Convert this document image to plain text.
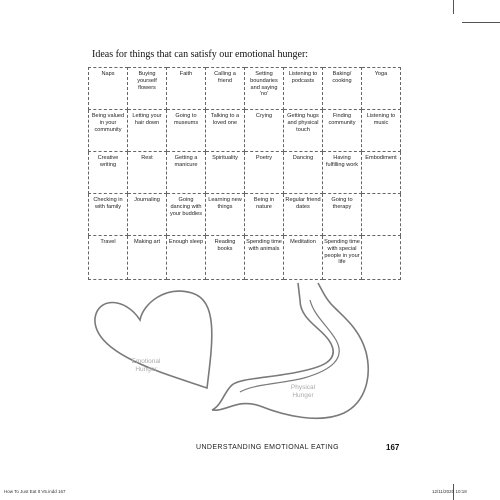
Ideas for things that can satisfy our emotional hunger:
Naps	Buying yourself flowers	Faith	Calling a friend	Setting boundaries and saying 'no'	Listening to podcasts	Baking/ cooking	Yoga
Being valued in your community	Letting your hair down	Going to museums	Talking to a loved one	Crying	Getting hugs and physical touch	Finding community	Listening to music
Creative writing	Rest	Getting a manicure	Spirituality	Poetry	Dancing	Having fulfilling work	Embodiment
Checking in with family	Journaling	Going dancing with your buddies	Learning new things	Being in nature	Regular friend dates	Going to therapy	
Travel	Making art	Enough sleep	Reading books	Spending time with animals	Meditation	Spending time with special people in your life	
Emotional Hunger
Physical Hunger
UNDERSTANDING EMOTIONAL EATING	167
How To Just Eat It V5.indd 167	12/11/2020 10:18
